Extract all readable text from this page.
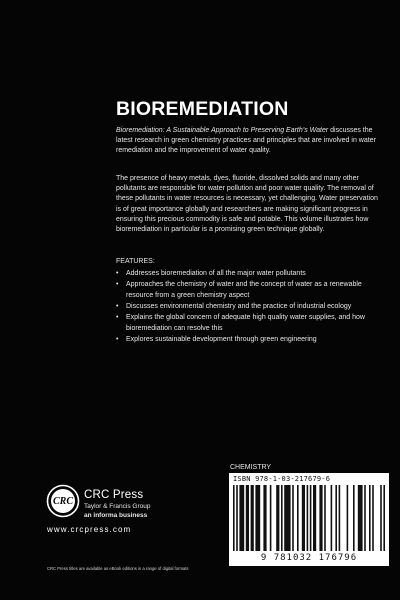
BIOREMEDIATION

Bioremediation: A Sustainable Approach to Preserving Earth’s Water discusses the latest research in green chemistry practices and principles that are involved in water remediation and the improvement of water quality.

The presence of heavy metals, dyes, fluoride, dissolved solids and many other pollutants are responsible for water pollution and poor water quality. The removal of these pollutants in water resources is necessary, yet challenging. Water preservation is of great importance globally and researchers are making significant progress in ensuring this precious commodity is safe and potable. This volume illustrates how bioremediation in particular is a promising green technique globally.

FEATURES:

• Addresses bioremediation of all the major water pollutants
• Approaches the chemistry of water and the concept of water as a renewable resource from a green chemistry aspect
• Discusses environmental chemistry and the practice of industrial ecology
• Explains the global concern of adequate high quality water supplies, and how bioremediation can resolve this
• Explores sustainable development through green engineering
CHEMISTRY
ISBN 978-1-03-217679-6
9 781032 176796
CRC
CRC Press
Taylor & Francis Group
an informa business
www.crcpress.com
CRC Press titles are available as eBook editions in a range of digital formats
